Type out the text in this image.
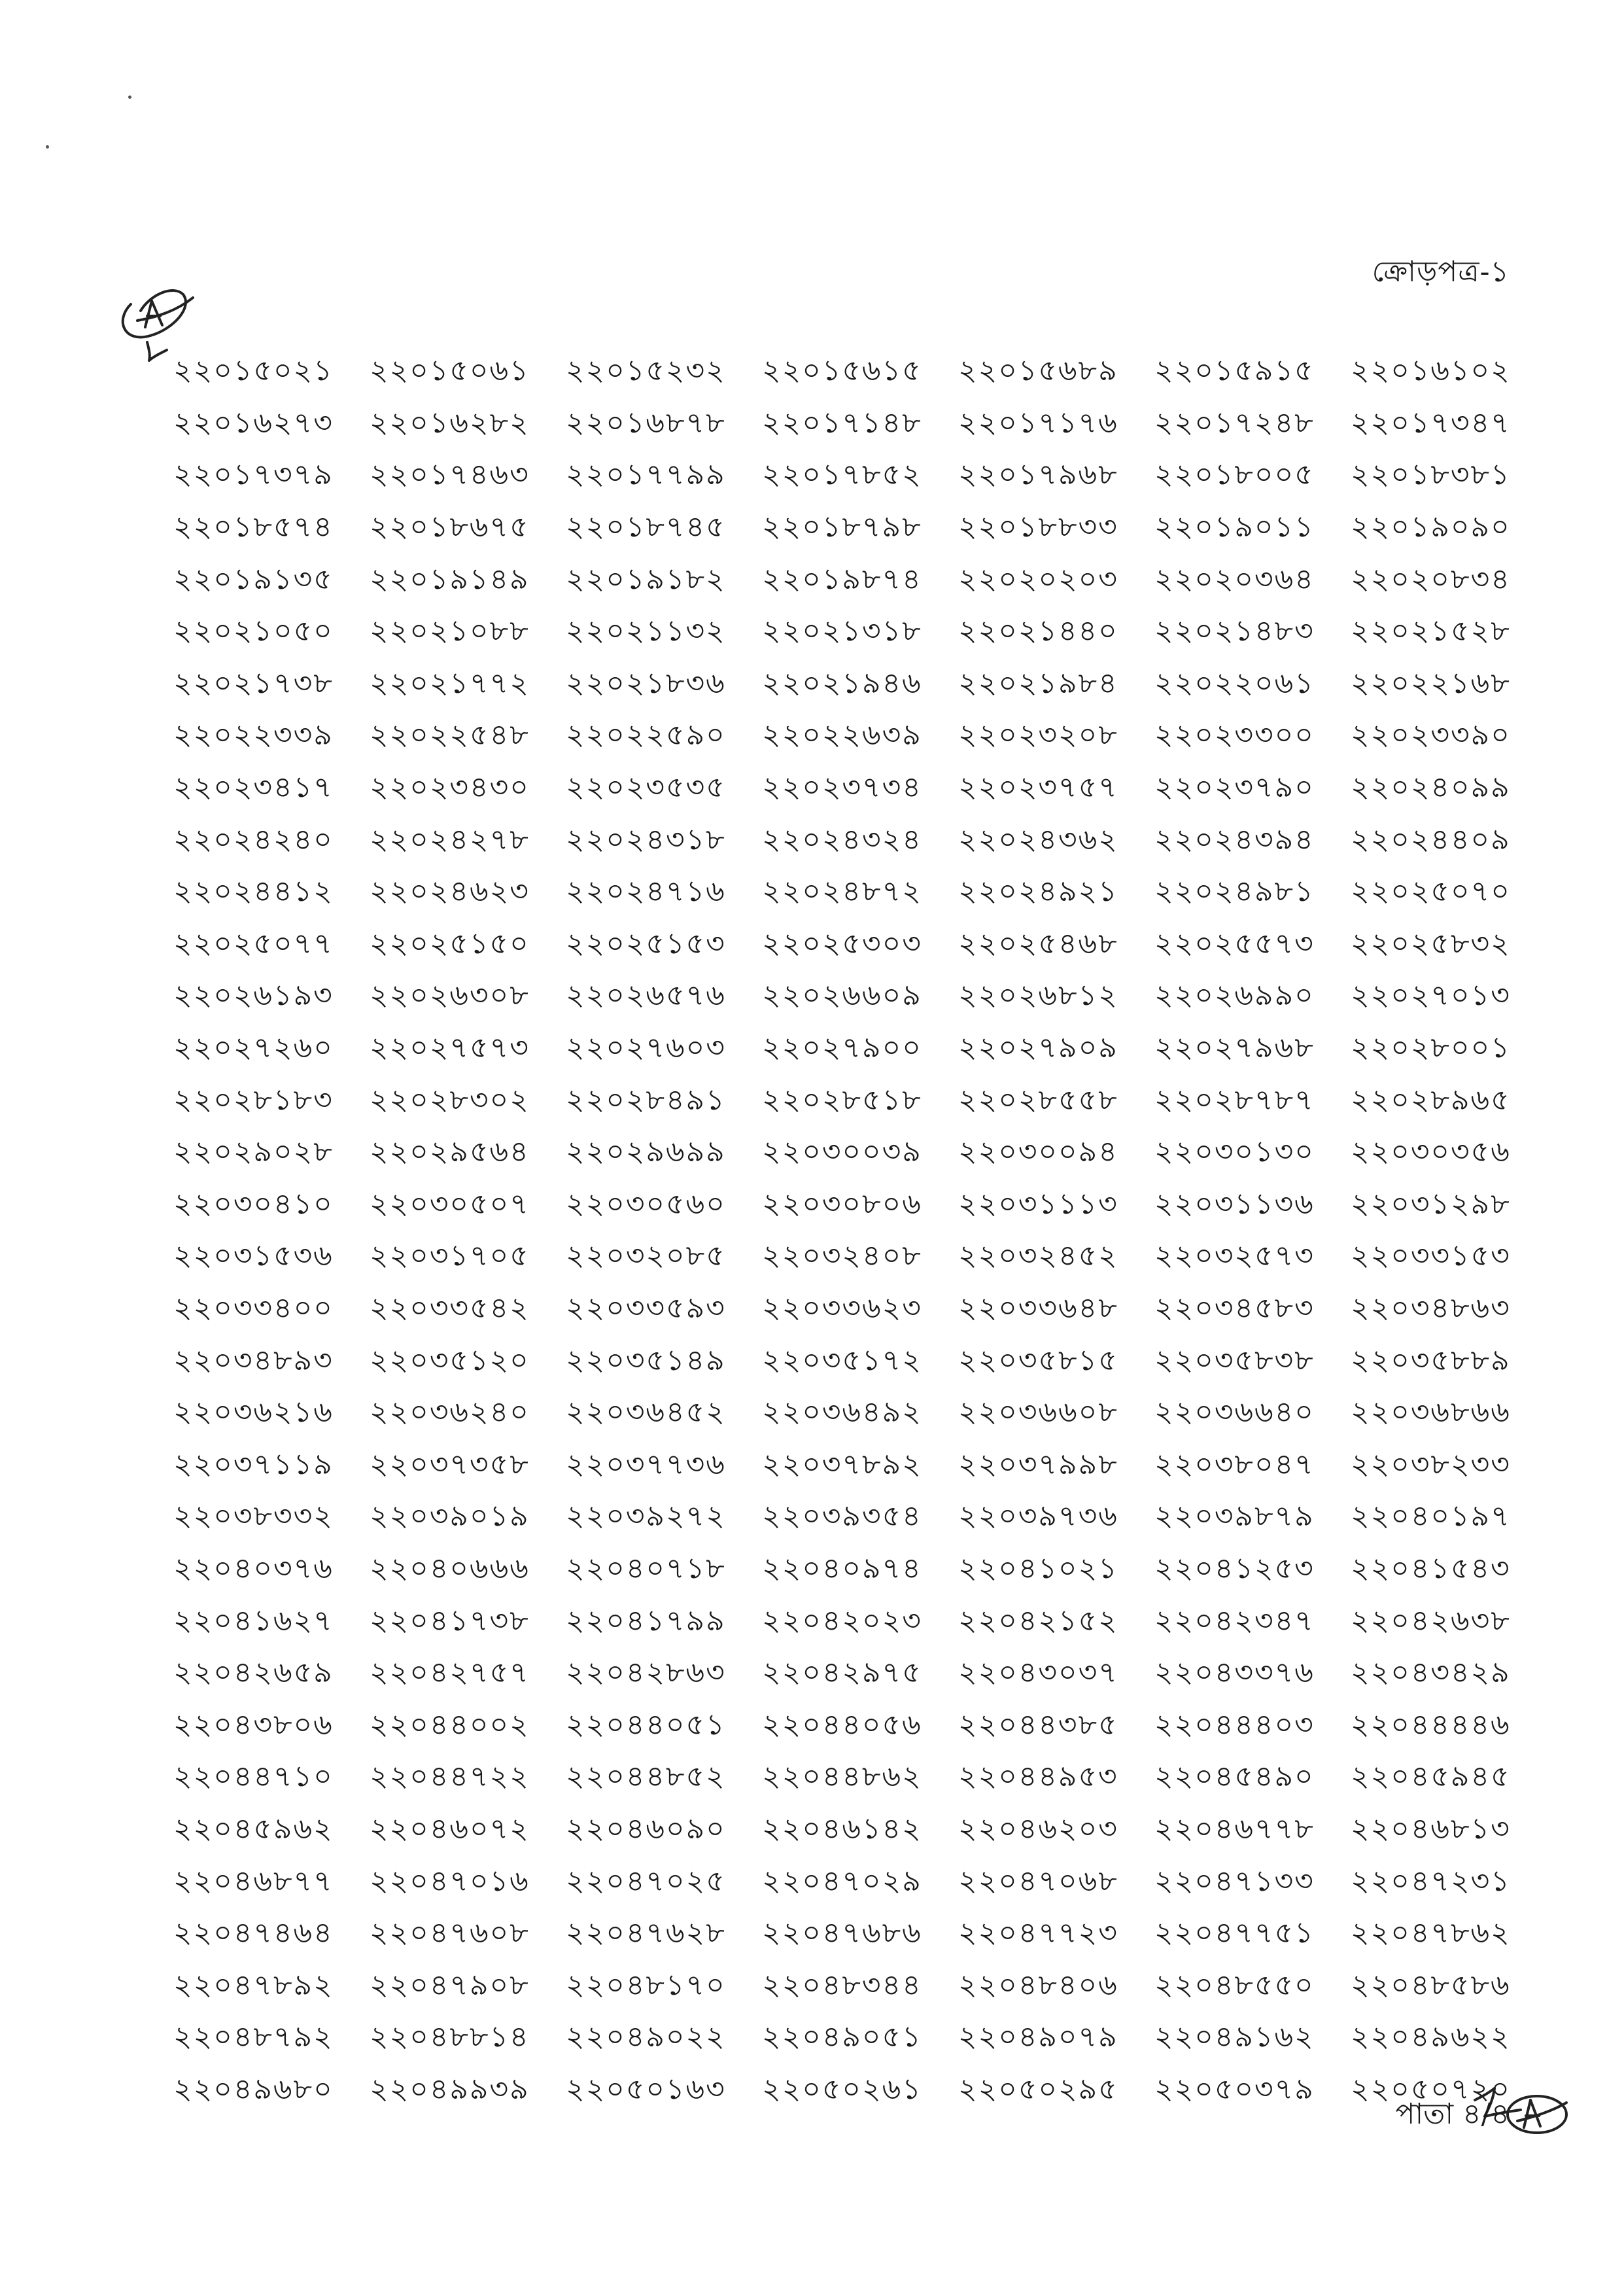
ক্রোড়পত্র-১
২২০১৫০২১	২২০১৫০৬১	২২০১৫২৩২	২২০১৫৬১৫	২২০১৫৬৮৯	২২০১৫৯১৫	২২০১৬১০২
২২০১৬২৭৩	২২০১৬২৮২	২২০১৬৮৭৮	২২০১৭১৪৮	২২০১৭১৭৬	২২০১৭২৪৮	২২০১৭৩৪৭
২২০১৭৩৭৯	২২০১৭৪৬৩	২২০১৭৭৯৯	২২০১৭৮৫২	২২০১৭৯৬৮	২২০১৮০০৫	২২০১৮৩৮১
২২০১৮৫৭৪	২২০১৮৬৭৫	২২০১৮৭৪৫	২২০১৮৭৯৮	২২০১৮৮৩৩	২২০১৯০১১	২২০১৯০৯০
২২০১৯১৩৫	২২০১৯১৪৯	২২০১৯১৮২	২২০১৯৮৭৪	২২০২০২০৩	২২০২০৩৬৪	২২০২০৮৩৪
২২০২১০৫০	২২০২১০৮৮	২২০২১১৩২	২২০২১৩১৮	২২০২১৪৪০	২২০২১৪৮৩	২২০২১৫২৮
২২০২১৭৩৮	২২০২১৭৭২	২২০২১৮৩৬	২২০২১৯৪৬	২২০২১৯৮৪	২২০২২০৬১	২২০২২১৬৮
২২০২২৩৩৯	২২০২২৫৪৮	২২০২২৫৯০	২২০২২৬৩৯	২২০২৩২০৮	২২০২৩৩০০	২২০২৩৩৯০
২২০২৩৪১৭	২২০২৩৪৩০	২২০২৩৫৩৫	২২০২৩৭৩৪	২২০২৩৭৫৭	২২০২৩৭৯০	২২০২৪০৯৯
২২০২৪২৪০	২২০২৪২৭৮	২২০২৪৩১৮	২২০২৪৩২৪	২২০২৪৩৬২	২২০২৪৩৯৪	২২০২৪৪০৯
২২০২৪৪১২	২২০২৪৬২৩	২২০২৪৭১৬	২২০২৪৮৭২	২২০২৪৯২১	২২০২৪৯৮১	২২০২৫০৭০
২২০২৫০৭৭	২২০২৫১৫০	২২০২৫১৫৩	২২০২৫৩০৩	২২০২৫৪৬৮	২২০২৫৫৭৩	২২০২৫৮৩২
২২০২৬১৯৩	২২০২৬৩০৮	২২০২৬৫৭৬	২২০২৬৬০৯	২২০২৬৮১২	২২০২৬৯৯০	২২০২৭০১৩
২২০২৭২৬০	২২০২৭৫৭৩	২২০২৭৬০৩	২২০২৭৯০০	২২০২৭৯০৯	২২০২৭৯৬৮	২২০২৮০০১
২২০২৮১৮৩	২২০২৮৩০২	২২০২৮৪৯১	২২০২৮৫১৮	২২০২৮৫৫৮	২২০২৮৭৮৭	২২০২৮৯৬৫
২২০২৯০২৮	২২০২৯৫৬৪	২২০২৯৬৯৯	২২০৩০০৩৯	২২০৩০০৯৪	২২০৩০১৩০	২২০৩০৩৫৬
২২০৩০৪১০	২২০৩০৫০৭	২২০৩০৫৬০	২২০৩০৮০৬	২২০৩১১১৩	২২০৩১১৩৬	২২০৩১২৯৮
২২০৩১৫৩৬	২২০৩১৭০৫	২২০৩২০৮৫	২২০৩২৪০৮	২২০৩২৪৫২	২২০৩২৫৭৩	২২০৩৩১৫৩
২২০৩৩৪০০	২২০৩৩৫৪২	২২০৩৩৫৯৩	২২০৩৩৬২৩	২২০৩৩৬৪৮	২২০৩৪৫৮৩	২২০৩৪৮৬৩
২২০৩৪৮৯৩	২২০৩৫১২০	২২০৩৫১৪৯	২২০৩৫১৭২	২২০৩৫৮১৫	২২০৩৫৮৩৮	২২০৩৫৮৮৯
২২০৩৬২১৬	২২০৩৬২৪০	২২০৩৬৪৫২	২২০৩৬৪৯২	২২০৩৬৬০৮	২২০৩৬৬৪০	২২০৩৬৮৬৬
২২০৩৭১১৯	২২০৩৭৩৫৮	২২০৩৭৭৩৬	২২০৩৭৮৯২	২২০৩৭৯৯৮	২২০৩৮০৪৭	২২০৩৮২৩৩
২২০৩৮৩৩২	২২০৩৯০১৯	২২০৩৯২৭২	২২০৩৯৩৫৪	২২০৩৯৭৩৬	২২০৩৯৮৭৯	২২০৪০১৯৭
২২০৪০৩৭৬	২২০৪০৬৬৬	২২০৪০৭১৮	২২০৪০৯৭৪	২২০৪১০২১	২২০৪১২৫৩	২২০৪১৫৪৩
২২০৪১৬২৭	২২০৪১৭৩৮	২২০৪১৭৯৯	২২০৪২০২৩	২২০৪২১৫২	২২০৪২৩৪৭	২২০৪২৬৩৮
২২০৪২৬৫৯	২২০৪২৭৫৭	২২০৪২৮৬৩	২২০৪২৯৭৫	২২০৪৩০৩৭	২২০৪৩৩৭৬	২২০৪৩৪২৯
২২০৪৩৮০৬	২২০৪৪০০২	২২০৪৪০৫১	২২০৪৪০৫৬	২২০৪৪৩৮৫	২২০৪৪৪০৩	২২০৪৪৪৪৬
২২০৪৪৭১০	২২০৪৪৭২২	২২০৪৪৮৫২	২২০৪৪৮৬২	২২০৪৪৯৫৩	২২০৪৫৪৯০	২২০৪৫৯৪৫
২২০৪৫৯৬২	২২০৪৬০৭২	২২০৪৬০৯০	২২০৪৬১৪২	২২০৪৬২০৩	২২০৪৬৭৭৮	২২০৪৬৮১৩
২২০৪৬৮৭৭	২২০৪৭০১৬	২২০৪৭০২৫	২২০৪৭০২৯	২২০৪৭০৬৮	২২০৪৭১৩৩	২২০৪৭২৩১
২২০৪৭৪৬৪	২২০৪৭৬০৮	২২০৪৭৬২৮	২২০৪৭৬৮৬	২২০৪৭৭২৩	২২০৪৭৭৫১	২২০৪৭৮৬২
২২০৪৭৮৯২	২২০৪৭৯০৮	২২০৪৮১৭০	২২০৪৮৩৪৪	২২০৪৮৪০৬	২২০৪৮৫৫০	২২০৪৮৫৮৬
২২০৪৮৭৯২	২২০৪৮৮১৪	২২০৪৯০২২	২২০৪৯০৫১	২২০৪৯০৭৯	২২০৪৯১৬২	২২০৪৯৬২২
২২০৪৯৬৮০	২২০৪৯৯৩৯	২২০৫০১৬৩	২২০৫০২৬১	২২০৫০২৯৫	২২০৫০৩৭৯	২২০৫০৭২০
পাতা ৪/৪
